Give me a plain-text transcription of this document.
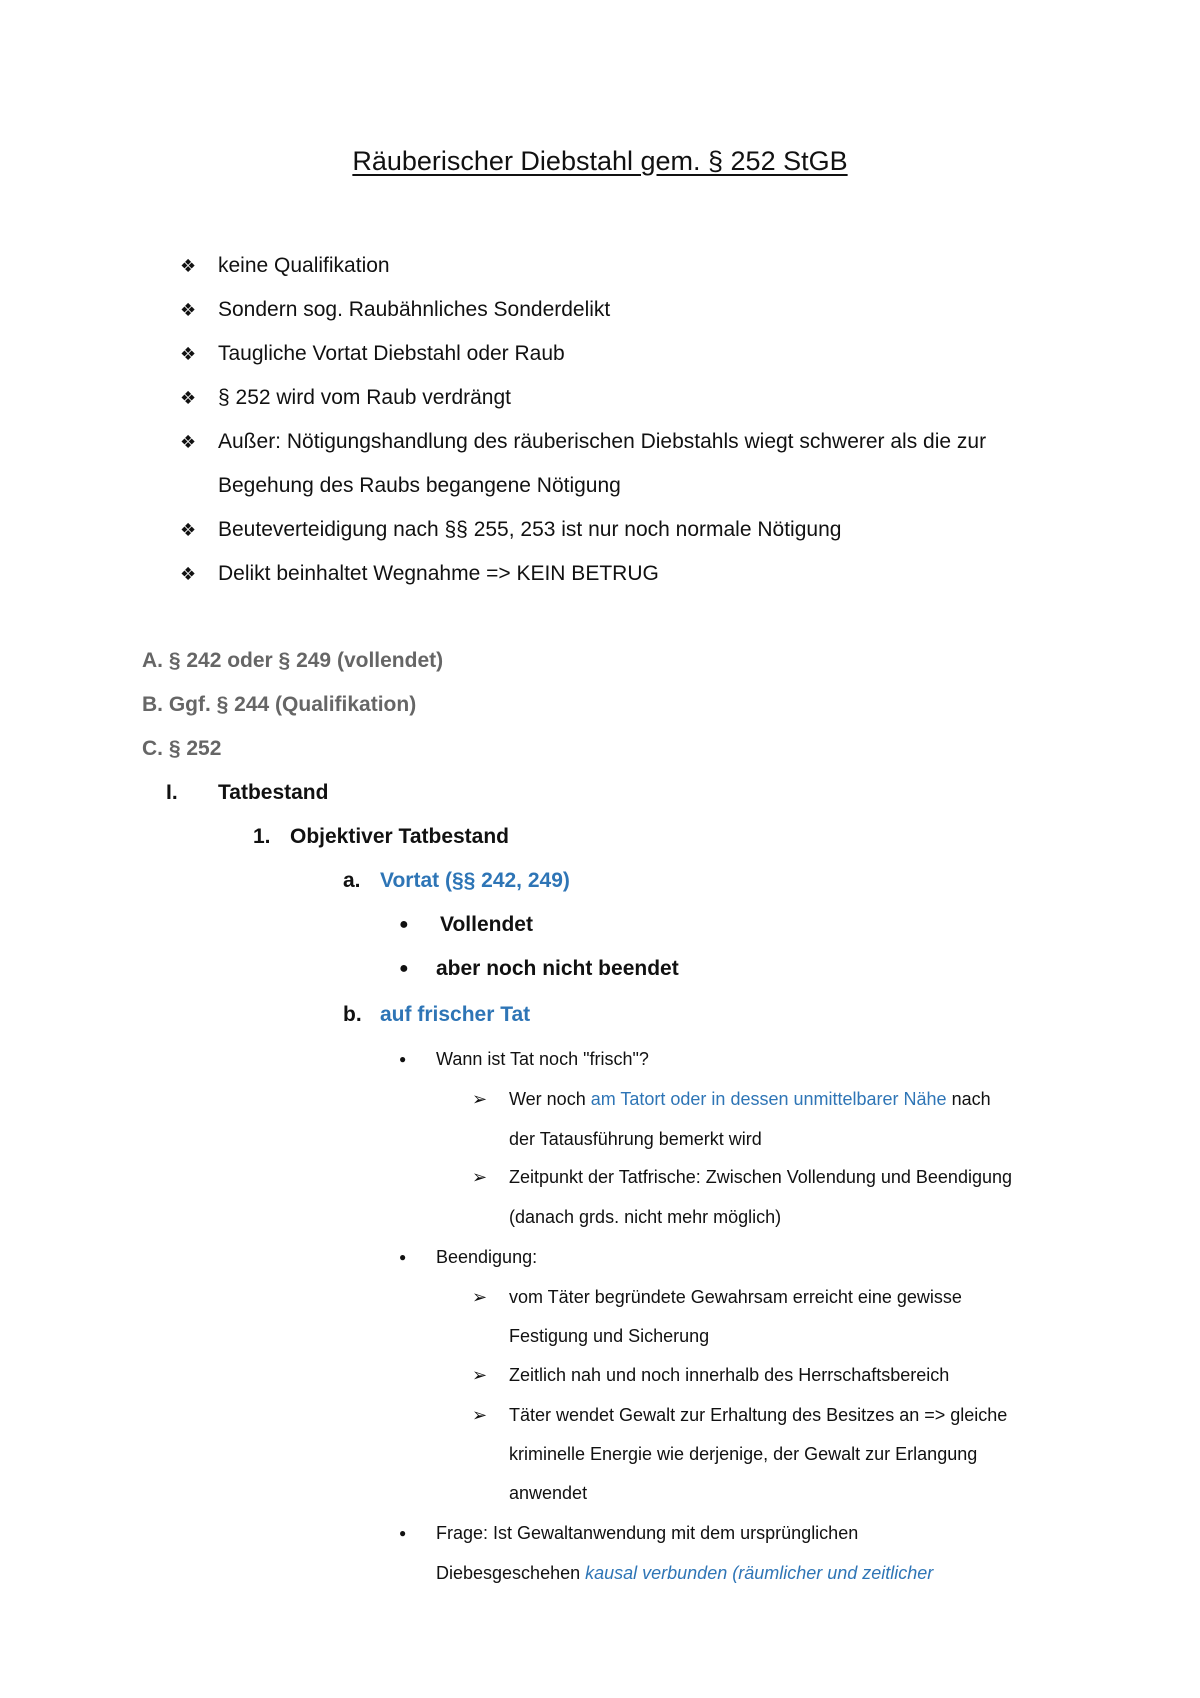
Räuberischer Diebstahl gem. § 252 StGB
❖	keine Qualifikation
❖	Sondern sog. Raubähnliches Sonderdelikt
❖	Taugliche Vortat Diebstahl oder Raub
❖	§ 252 wird vom Raub verdrängt
❖	Außer: Nötigungshandlung des räuberischen Diebstahls wiegt schwerer als die zur Begehung des Raubs begangene Nötigung
❖	Beuteverteidigung nach §§ 255, 253 ist nur noch normale Nötigung
❖	Delikt beinhaltet Wegnahme => KEIN BETRUG
A. § 242 oder § 249 (vollendet)
B. Ggf. § 244 (Qualifikation)
C. § 252
I. Tatbestand
1. Objektiver Tatbestand
a. Vortat (§§ 242, 249)
● Vollendet
● aber noch nicht beendet
b. auf frischer Tat
● Wann ist Tat noch "frisch"?
➢ Wer noch am Tatort oder in dessen unmittelbarer Nähe nach
der Tatausführung bemerkt wird
➢ Zeitpunkt der Tatfrische: Zwischen Vollendung und Beendigung
(danach grds. nicht mehr möglich)
● Beendigung:
➢ vom Täter begründete Gewahrsam erreicht eine gewisse
Festigung und Sicherung
➢ Zeitlich nah und noch innerhalb des Herrschaftsbereich
➢ Täter wendet Gewalt zur Erhaltung des Besitzes an => gleiche
kriminelle Energie wie derjenige, der Gewalt zur Erlangung
anwendet
● Frage: Ist Gewaltanwendung mit dem ursprünglichen
Diebesgeschehen kausal verbunden (räumlicher und zeitlicher
